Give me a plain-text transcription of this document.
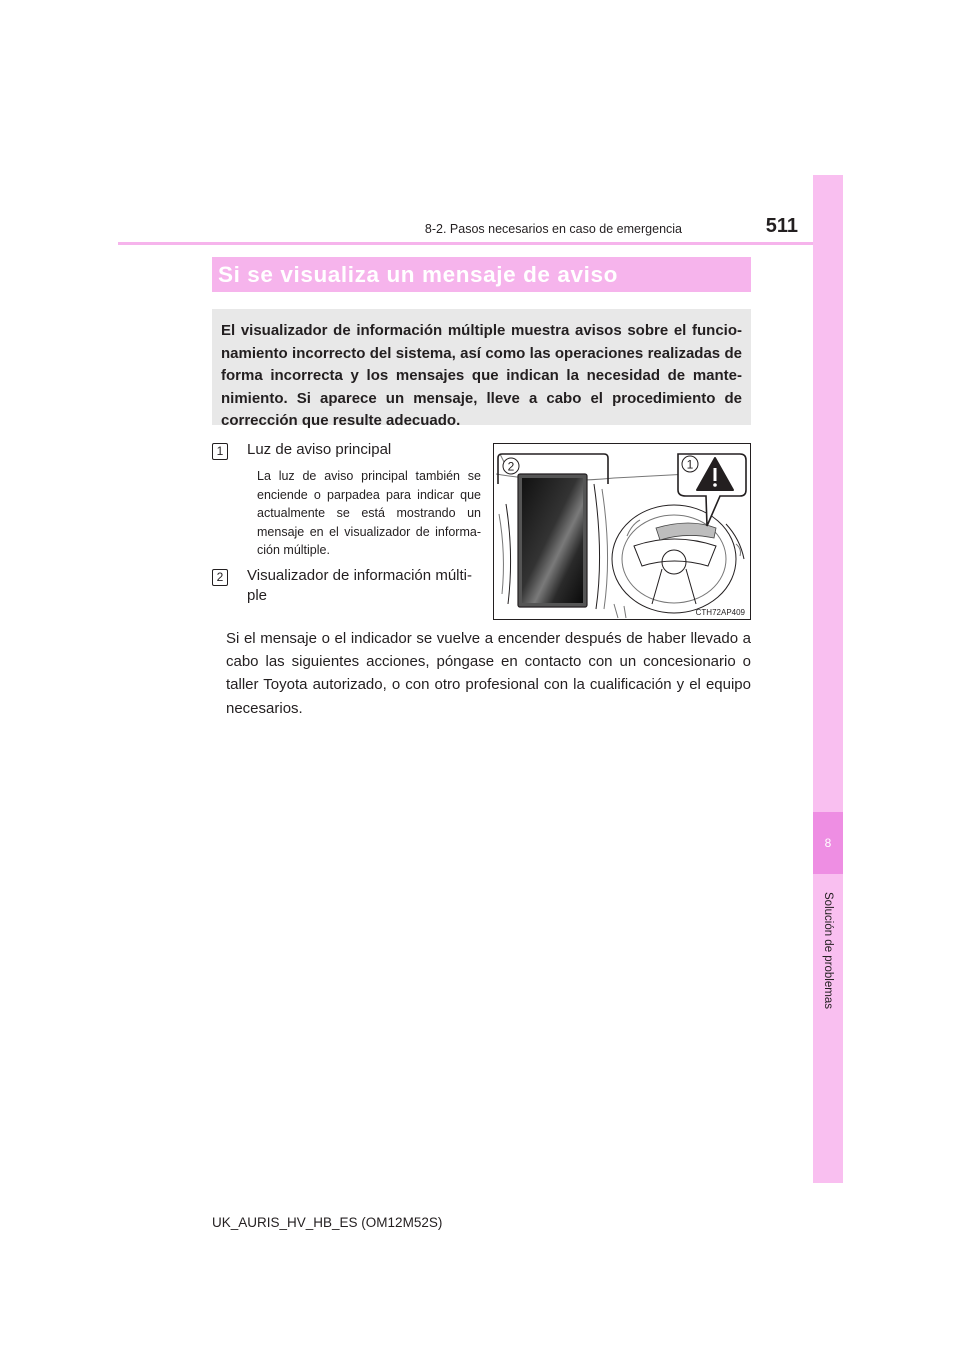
8
Solución de problemas
8-2. Pasos necesarios en caso de emergencia	511
Si se visualiza un mensaje de aviso

El visualizador de información múltiple muestra avisos sobre el funcio-namiento incorrecto del sistema, así como las operaciones realizadas de forma incorrecta y los mensajes que indican la necesidad de mante-nimiento. Si aparece un mensaje, lleve a cabo el procedimiento de corrección que resulte adecuado.

1	Luz de aviso principal

La luz de aviso principal también se enciende o parpadea para indicar que actualmente se está mostrando un mensaje en el visualizador de informa-ción múltiple.

2	Visualizador de información múlti-ple
2	1
CTH72AP409

Si el mensaje o el indicador se vuelve a encender después de haber llevado a cabo las siguientes acciones, póngase en contacto con un concesionario o taller Toyota autorizado, o con otro profesional con la cualificación y el equipo necesarios.

UK_AURIS_HV_HB_ES (OM12M52S)
